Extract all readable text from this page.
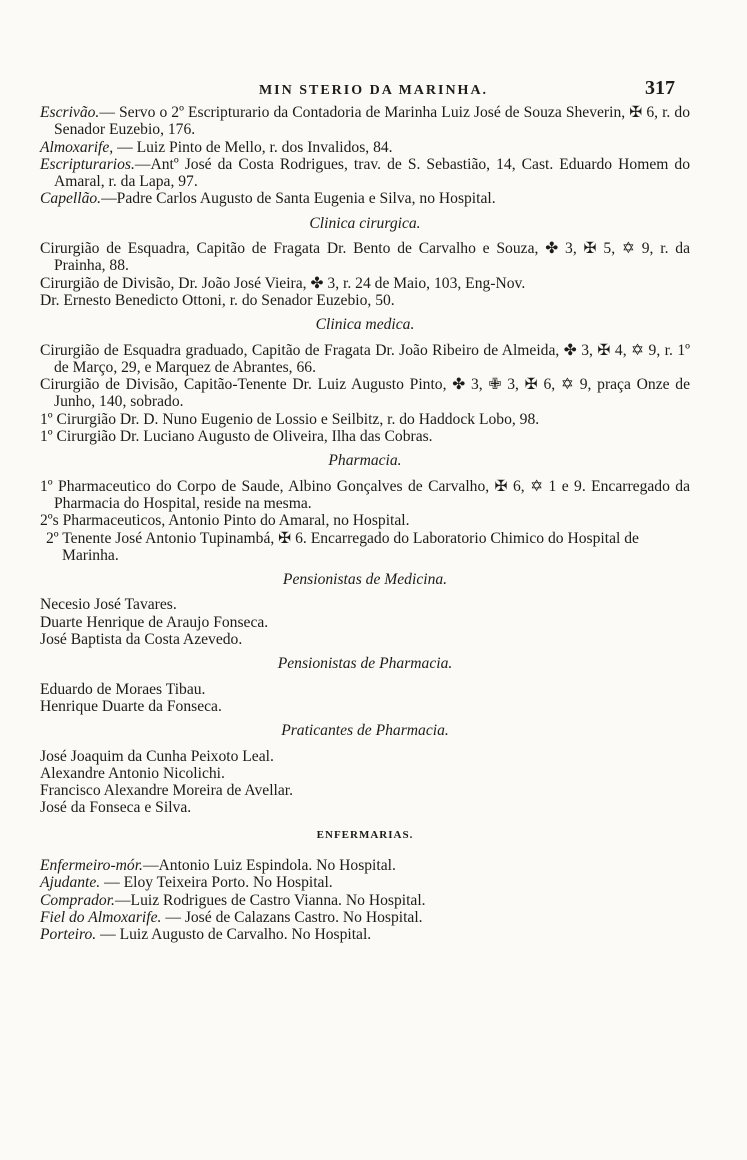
MIN STERIO DA MARINHA.	317

Escrivão.— Servo o 2º Escripturario da Contadoria de Marinha Luiz José de Souza Sheverin, ✠ 6, r. do Senador Euzebio, 176.

Almoxarife, — Luiz Pinto de Mello, r. dos Invalidos, 84.

Escripturarios.—Antº José da Costa Rodrigues, trav. de S. Sebastião, 14, Cast. Eduardo Homem do Amaral, r. da Lapa, 97.

Capellão.—Padre Carlos Augusto de Santa Eugenia e Silva, no Hospital.

Clinica cirurgica.

Cirurgião de Esquadra, Capitão de Fragata Dr. Bento de Carvalho e Souza, ✤ 3, ✠ 5, ✡ 9, r. da Prainha, 88.

Cirurgião de Divisão, Dr. João José Vieira, ✤ 3, r. 24 de Maio, 103, Eng-Nov.

Dr. Ernesto Benedicto Ottoni, r. do Senador Euzebio, 50.

Clinica medica.

Cirurgião de Esquadra graduado, Capitão de Fragata Dr. João Ribeiro de Almeida, ✤ 3, ✠ 4, ✡ 9, r. 1º de Março, 29, e Marquez de Abrantes, 66.

Cirurgião de Divisão, Capitão-Tenente Dr. Luiz Augusto Pinto, ✤ 3, ✙ 3, ✠ 6, ✡ 9, praça Onze de Junho, 140, sobrado.

1º Cirurgião Dr. D. Nuno Eugenio de Lossio e Seilbitz, r. do Haddock Lobo, 98.

1º Cirurgião Dr. Luciano Augusto de Oliveira, Ilha das Cobras.

Pharmacia.

1º Pharmaceutico do Corpo de Saude, Albino Gonçalves de Carvalho, ✠ 6, ✡ 1 e 9. Encarregado da Pharmacia do Hospital, reside na mesma.

2ºs Pharmaceuticos, Antonio Pinto do Amaral, no Hospital.

2º Tenente José Antonio Tupinambá, ✠ 6. Encarregado do Laboratorio Chimico do Hospital de Marinha.

Pensionistas de Medicina.

Necesio José Tavares.

Duarte Henrique de Araujo Fonseca.

José Baptista da Costa Azevedo.

Pensionistas de Pharmacia.

Eduardo de Moraes Tibau.

Henrique Duarte da Fonseca.

Praticantes de Pharmacia.

José Joaquim da Cunha Peixoto Leal.

Alexandre Antonio Nicolichi.

Francisco Alexandre Moreira de Avellar.

José da Fonseca e Silva.

ENFERMARIAS.

Enfermeiro-mór.—Antonio Luiz Espindola. No Hospital.

Ajudante. — Eloy Teixeira Porto. No Hospital.

Comprador.—Luiz Rodrigues de Castro Vianna. No Hospital.

Fiel do Almoxarife. — José de Calazans Castro. No Hospital.

Porteiro. — Luiz Augusto de Carvalho. No Hospital.
